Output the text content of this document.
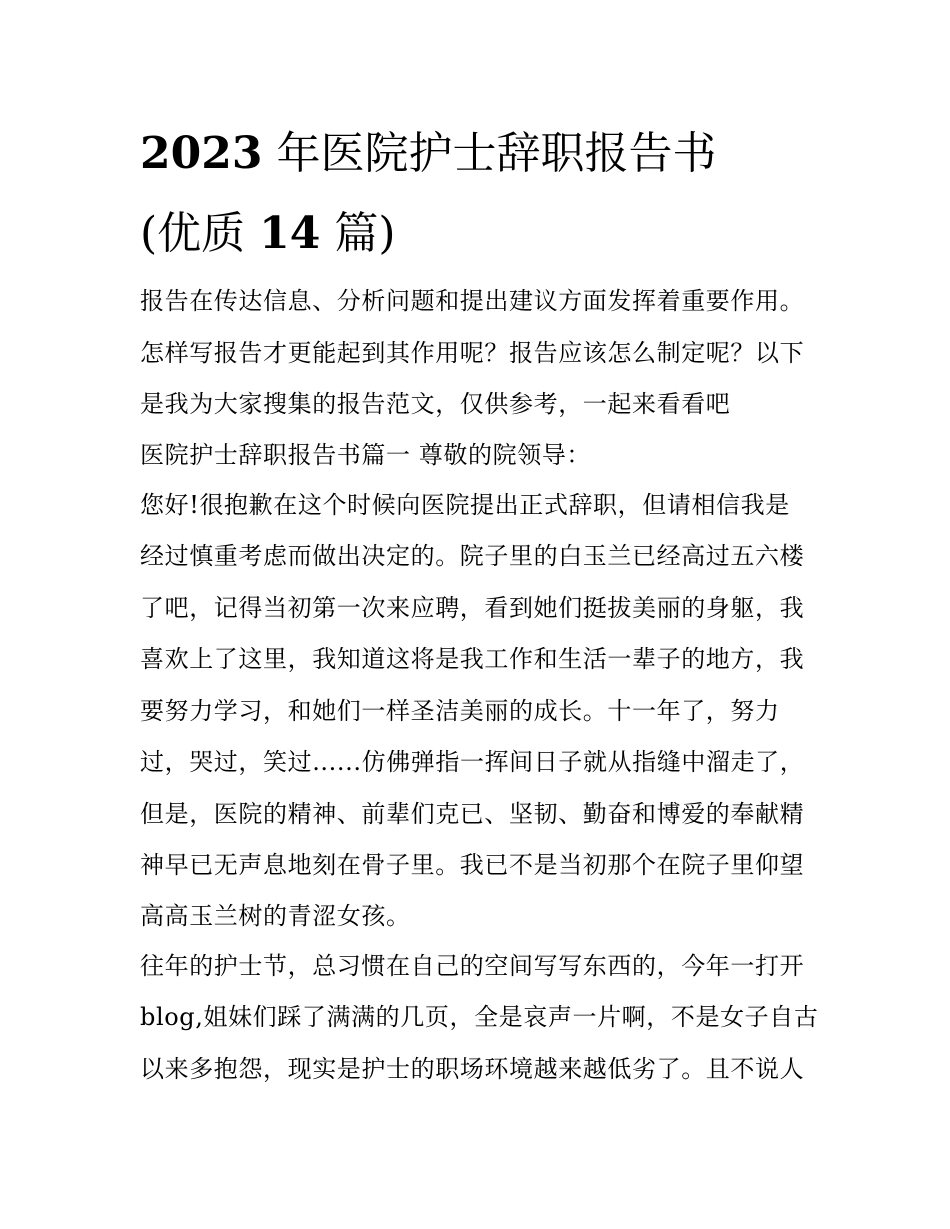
2023 年医院护士辞职报告书
(优质 14 篇)
报告在传达信息、分析问题和提出建议方面发挥着重要作用。
怎样写报告才更能起到其作用呢？报告应该怎么制定呢？以下
是我为大家搜集的报告范文，仅供参考，一起来看看吧
医院护士辞职报告书篇一 尊敬的院领导：
您好!很抱歉在这个时候向医院提出正式辞职，但请相信我是
经过慎重考虑而做出决定的。院子里的白玉兰已经高过五六楼
了吧，记得当初第一次来应聘，看到她们挺拔美丽的身躯，我
喜欢上了这里，我知道这将是我工作和生活一辈子的地方，我
要努力学习，和她们一样圣洁美丽的成长。十一年了，努力
过，哭过，笑过......仿佛弹指一挥间日子就从指缝中溜走了，
但是，医院的精神、前辈们克已、坚韧、勤奋和博爱的奉献精
神早已无声息地刻在骨子里。我已不是当初那个在院子里仰望
高高玉兰树的青涩女孩。
往年的护士节，总习惯在自己的空间写写东西的，今年一打开
blog,姐妹们踩了满满的几页，全是哀声一片啊，不是女子自古
以来多抱怨，现实是护士的职场环境越来越低劣了。且不说人
